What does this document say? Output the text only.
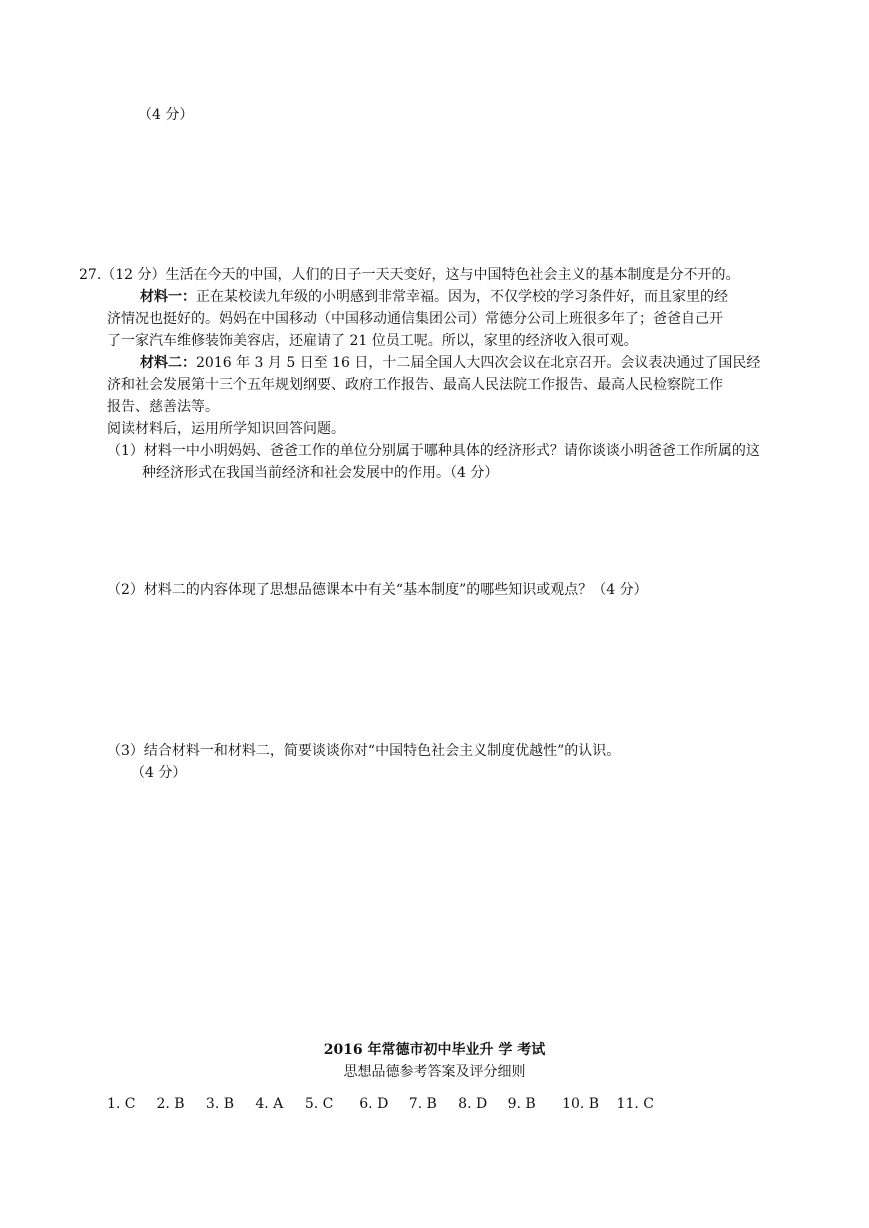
（4 分）
27.（12 分）生活在今天的中国，人们的日子一天天变好，这与中国特色社会主义的基本制度是分不开的。
材料一：正在某校读九年级的小明感到非常幸福。因为，不仅学校的学习条件好，而且家里的经
济情况也挺好的。妈妈在中国移动（中国移动通信集团公司）常德分公司上班很多年了；爸爸自己开
了一家汽车维修装饰美容店，还雇请了 21 位员工呢。所以，家里的经济收入很可观。
材料二：2016 年 3 月 5 日至 16 日，十二届全国人大四次会议在北京召开。会议表决通过了国民经
济和社会发展第十三个五年规划纲要、政府工作报告、最高人民法院工作报告、最高人民检察院工作
报告、慈善法等。
阅读材料后，运用所学知识回答问题。
（1）材料一中小明妈妈、爸爸工作的单位分别属于哪种具体的经济形式？请你谈谈小明爸爸工作所属的这
种经济形式在我国当前经济和社会发展中的作用。（4 分）
（2）材料二的内容体现了思想品德课本中有关“基本制度”的哪些知识或观点？（4 分）
（3）结合材料一和材料二，简要谈谈你对“中国特色社会主义制度优越性”的认识。
（4 分）
2016 年常德市初中毕业升 学 考试
思想品德参考答案及评分细则
1. C 2. B 3. B 4. A 5. C 6. D 7. B 8. D 9. B 10. B 11. C
